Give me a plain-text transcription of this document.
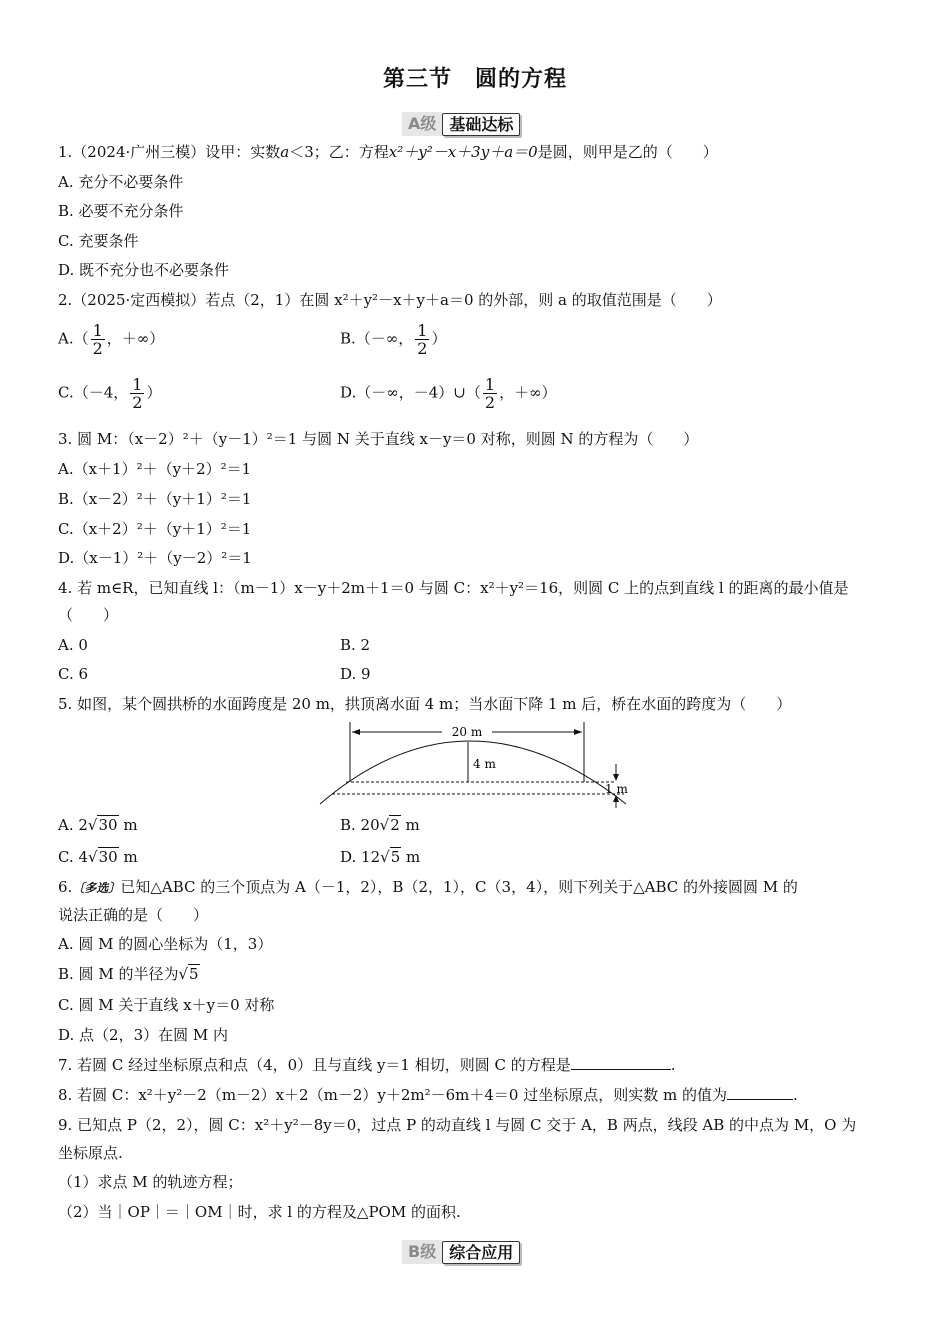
第三节　圆的方程
A级 基础达标
1.（2024·广州三模）设甲：实数a＜3；乙：方程x²＋y²－x＋3y＋a＝0是圆，则甲是乙的（　　）
A. 充分不必要条件
B. 必要不充分条件
C. 充要条件
D. 既不充分也不必要条件
2.（2025·定西模拟）若点（2，1）在圆 x²＋y²－x＋y＋a＝0 的外部，则 a 的取值范围是（　　）
$A.( \frac{1}{2}$ ，＋∞）	B.（－∞， $\frac{1}{2}$ ）
C.（－4， $\frac{1}{2}$ ）	D.（－∞，－4）∪（ $\frac{1}{2}$ ，＋∞）
3. 圆 M：（x－2）²＋（y－1）²＝1 与圆 N 关于直线 x－y＝0 对称，则圆 N 的方程为（　　）
A.（x＋1）²＋（y＋2）²＝1
B.（x－2）²＋（y＋1）²＝1
C.（x＋2）²＋（y＋1）²＝1
D.（x－1）²＋（y－2）²＝1
4. 若 m∈R，已知直线 l：（m－1）x－y＋2m＋1＝0 与圆 C：x²＋y²＝16，则圆 C 上的点到直线 l 的距离的最小值是
（　　）
A. 0	B. 2
C. 6	D. 9
5. 如图，某个圆拱桥的水面跨度是 20 m，拱顶离水面 4 m；当水面下降 1 m 后，桥在水面的跨度为（　　）
20 m
4 m
1 m
A. 2√30 m	B. 20√2 m
C. 4√30 m	D. 12√5 m
6.〔多选〕已知△ABC 的三个顶点为 A（－1，2），B（2，1），C（3，4），则下列关于△ABC 的外接圆圆 M 的
说法正确的是（　　）
A. 圆 M 的圆心坐标为（1，3）
B. 圆 M 的半径为√5
C. 圆 M 关于直线 x＋y＝0 对称
D. 点（2，3）在圆 M 内
7. 若圆 C 经过坐标原点和点（4，0）且与直线 y＝1 相切，则圆 C 的方程是	.
8. 若圆 C：x²＋y²－2（m－2）x＋2（m－2）y＋2m²－6m＋4＝0 过坐标原点，则实数 m 的值为	.
9. 已知点 P（2，2），圆 C：x²＋y²－8y＝0，过点 P 的动直线 l 与圆 C 交于 A，B 两点，线段 AB 的中点为 M，O 为
坐标原点.
（1）求点 M 的轨迹方程；
（2）当｜OP｜＝｜OM｜时，求 l 的方程及△POM 的面积.
B级 综合应用
